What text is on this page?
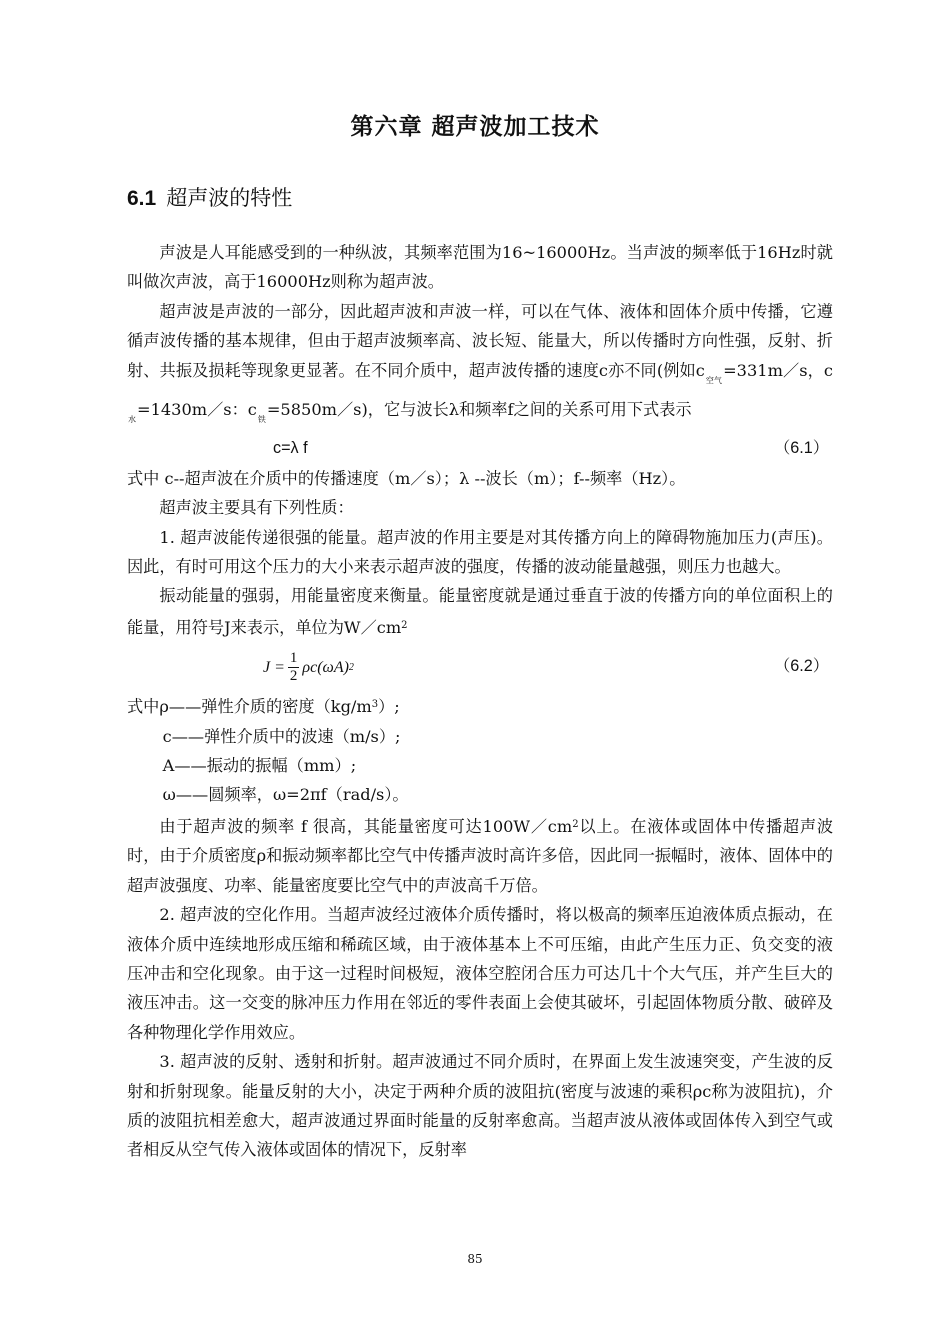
第六章 超声波加工技术
6.1 超声波的特性

声波是人耳能感受到的一种纵波，其频率范围为16~16000Hz。当声波的频率低于16Hz时就叫做次声波，高于16000Hz则称为超声波。

超声波是声波的一部分，因此超声波和声波一样，可以在气体、液体和固体介质中传播，它遵循声波传播的基本规律，但由于超声波频率高、波长短、能量大，所以传播时方向性强，反射、折射、共振及损耗等现象更显著。在不同介质中，超声波传播的速度c亦不同(例如$c_{空气}=331m/s$，$c_水=1430m/s$：$c_铁=5850m/s$)，它与波长λ和频率f之间的关系可用下式表示

c=λ f	（6.1）

式中 c--超声波在介质中的传播速度（m／s）；λ --波长（m）；f--频率（Hz）。

超声波主要具有下列性质：

1. 超声波能传递很强的能量。超声波的作用主要是对其传播方向上的障碍物施加压力(声压)。因此，有时可用这个压力的大小来表示超声波的强度，传播的波动能量越强，则压力也越大。

振动能量的强弱，用能量密度来衡量。能量密度就是通过垂直于波的传播方向的单位面积上的能量，用符号J来表示，单位为$W/cm^2$

$J = \frac{1}{2} \rho c(\omega A)$ 2	（6.2）

式中ρ——弹性介质的密度$(kg/m^3)$;

c——弹性介质中的波速（m/s）;

A——振动的振幅（mm）;

ω——圆频率，ω=2πf（rad/s）。

由于超声波的频率 f 很高，其能量密度可达$100W/cm^2$以上。在液体或固体中传播超声波时，由于介质密度ρ和振动频率都比空气中传播声波时高许多倍，因此同一振幅时，液体、固体中的超声波强度、功率、能量密度要比空气中的声波高千万倍。

2. 超声波的空化作用。当超声波经过液体介质传播时，将以极高的频率压迫液体质点振动，在液体介质中连续地形成压缩和稀疏区域，由于液体基本上不可压缩，由此产生压力正、负交变的液压冲击和空化现象。由于这一过程时间极短，液体空腔闭合压力可达几十个大气压，并产生巨大的液压冲击。这一交变的脉冲压力作用在邻近的零件表面上会使其破坏，引起固体物质分散、破碎及各种物理化学作用效应。

3. 超声波的反射、透射和折射。超声波通过不同介质时，在界面上发生波速突变，产生波的反射和折射现象。能量反射的大小，决定于两种介质的波阻抗(密度与波速的乘积ρc称为波阻抗)，介质的波阻抗相差愈大，超声波通过界面时能量的反射率愈高。当超声波从液体或固体传入到空气或者相反从空气传入液体或固体的情况下，反射率

85
